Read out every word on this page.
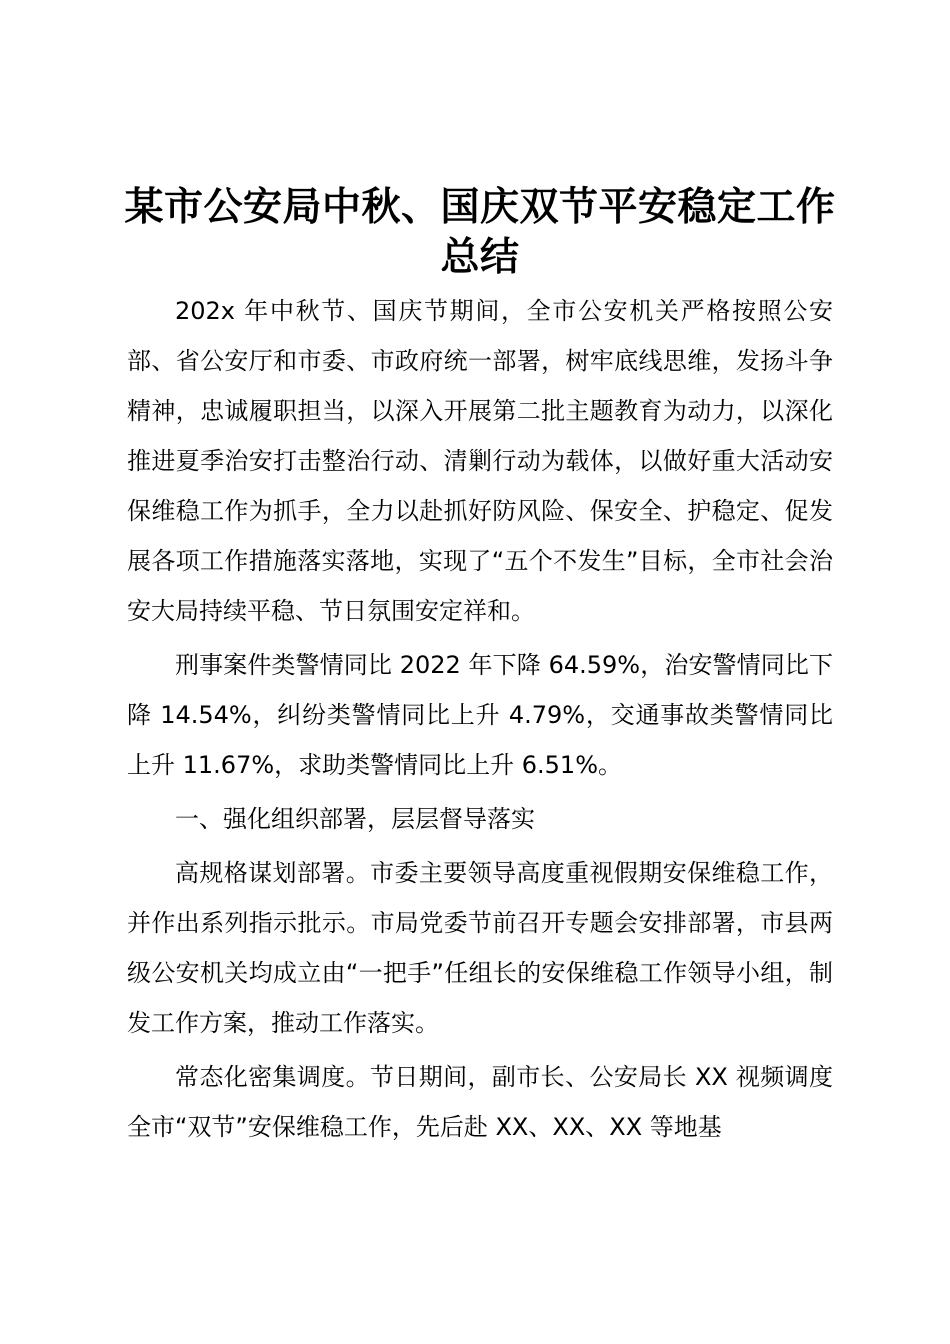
某市公安局中秋、国庆双节平安稳定工作总结

202x 年中秋节、国庆节期间，全市公安机关严格按照公安部、省公安厅和市委、市政府统一部署，树牢底线思维，发扬斗争精神，忠诚履职担当，以深入开展第二批主题教育为动力，以深化推进夏季治安打击整治行动、清剿行动为载体，以做好重大活动安保维稳工作为抓手，全力以赴抓好防风险、保安全、护稳定、促发展各项工作措施落实落地，实现了“五个不发生”目标，全市社会治安大局持续平稳、节日氛围安定祥和。

刑事案件类警情同比 2022 年下降 64.59%，治安警情同比下降 14.54%，纠纷类警情同比上升 4.79%，交通事故类警情同比上升 11.67%，求助类警情同比上升 6.51%。

一、强化组织部署，层层督导落实

高规格谋划部署。市委主要领导高度重视假期安保维稳工作，并作出系列指示批示。市局党委节前召开专题会安排部署，市县两级公安机关均成立由“一把手”任组长的安保维稳工作领导小组，制发工作方案，推动工作落实。

常态化密集调度。节日期间，副市长、公安局长 XX 视频调度全市“双节”安保维稳工作，先后赴 XX、XX、XX 等地基
